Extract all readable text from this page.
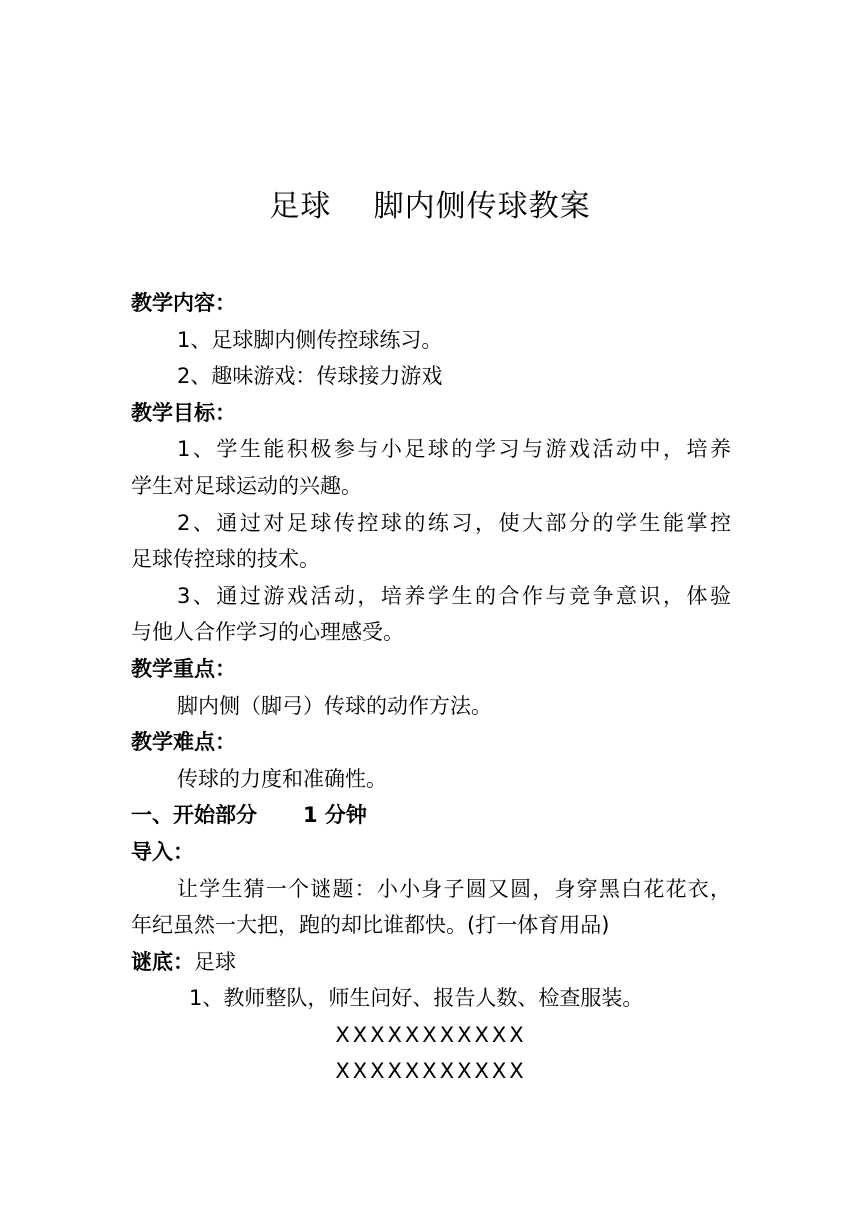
足球    脚内侧传球教案
教学内容：
1、足球脚内侧传控球练习。
2、趣味游戏：传球接力游戏
教学目标：
1、学生能积极参与小足球的学习与游戏活动中，培养
学生对足球运动的兴趣。
2、通过对足球传控球的练习，使大部分的学生能掌控
足球传控球的技术。
3、通过游戏活动，培养学生的合作与竞争意识，体验
与他人合作学习的心理感受。
教学重点：
脚内侧（脚弓）传球的动作方法。
教学难点：
传球的力度和准确性。
一、开始部分 1 分钟
导入：
让学生猜一个谜题：小小身子圆又圆，身穿黑白花花衣，
年纪虽然一大把，跑的却比谁都快。(打一体育用品)
谜底：足球
1、教师整队，师生问好、报告人数、检查服装。
XXXXXXXXXXX
XXXXXXXXXXX
